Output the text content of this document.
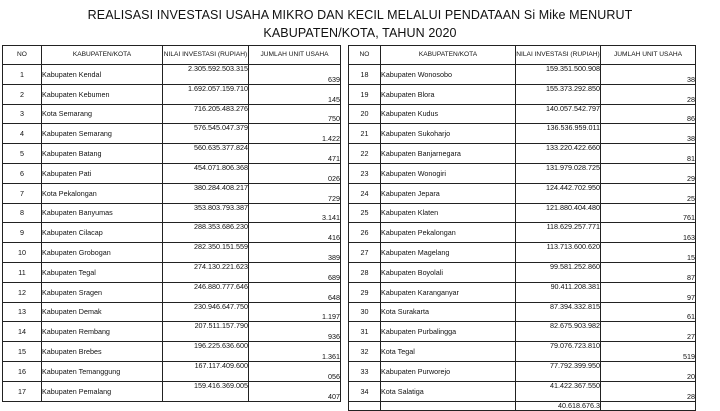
REALISASI INVESTASI USAHA MIKRO DAN KECIL MELALUI PENDATAAN Si Mike MENURUT
KABUPATEN/KOTA, TAHUN 2020
NO	KABUPATEN/KOTA	NILAI INVESTASI (RUPIAH)	JUMLAH UNIT USAHA
1	Kabupaten Kendal	2.305.592.503.315	639
2	Kabupaten Kebumen	1.692.057.159.710	145
3	Kota Semarang	716.205.483.276	750
4	Kabupaten Semarang	576.545.047.379	1.422
5	Kabupaten Batang	560.635.377.824	471
6	Kabupaten Pati	454.071.806.368	026
7	Kota Pekalongan	380.284.408.217	729
8	Kabupaten Banyumas	353.803.793.387	3.141
9	Kabupaten Cilacap	288.353.686.230	416
10	Kabupaten Grobogan	282.350.151.559	389
11	Kabupaten Tegal	274.130.221.623	689
12	Kabupaten Sragen	246.880.777.646	648
13	Kabupaten Demak	230.946.647.750	1.197
14	Kabupaten Rembang	207.511.157.790	936
15	Kabupaten Brebes	196.225.636.600	1.361
16	Kabupaten Temanggung	167.117.409.600	056
17	Kabupaten Pemalang	159.416.369.005	407
NO	KABUPATEN/KOTA	NILAI INVESTASI (RUPIAH)	JUMLAH UNIT USAHA
18	Kabupaten Wonosobo	159.351.500.908	38
19	Kabupaten Blora	155.373.292.850	28
20	Kabupaten Kudus	140.057.542.797	86
21	Kabupaten Sukoharjo	136.536.959.011	38
22	Kabupaten Banjarnegara	133.220.422.660	81
23	Kabupaten Wonogiri	131.979.028.725	29
24	Kabupaten Jepara	124.442.702.950	25
25	Kabupaten Klaten	121.880.404.480	761
26	Kabupaten Pekalongan	118.629.257.771	163
27	Kabupaten Magelang	113.713.600.620	15
28	Kabupaten Boyolali	99.581.252.860	87
29	Kabupaten Karanganyar	90.411.208.381	97
30	Kota Surakarta	87.394.332.815	61
31	Kabupaten Purbalingga	82.675.903.982	27
32	Kota Tegal	79.076.723.810	519
33	Kabupaten Purworejo	77.792.399.950	20
34	Kota Salatiga	41.422.367.550	28
		40.618.676.3	
